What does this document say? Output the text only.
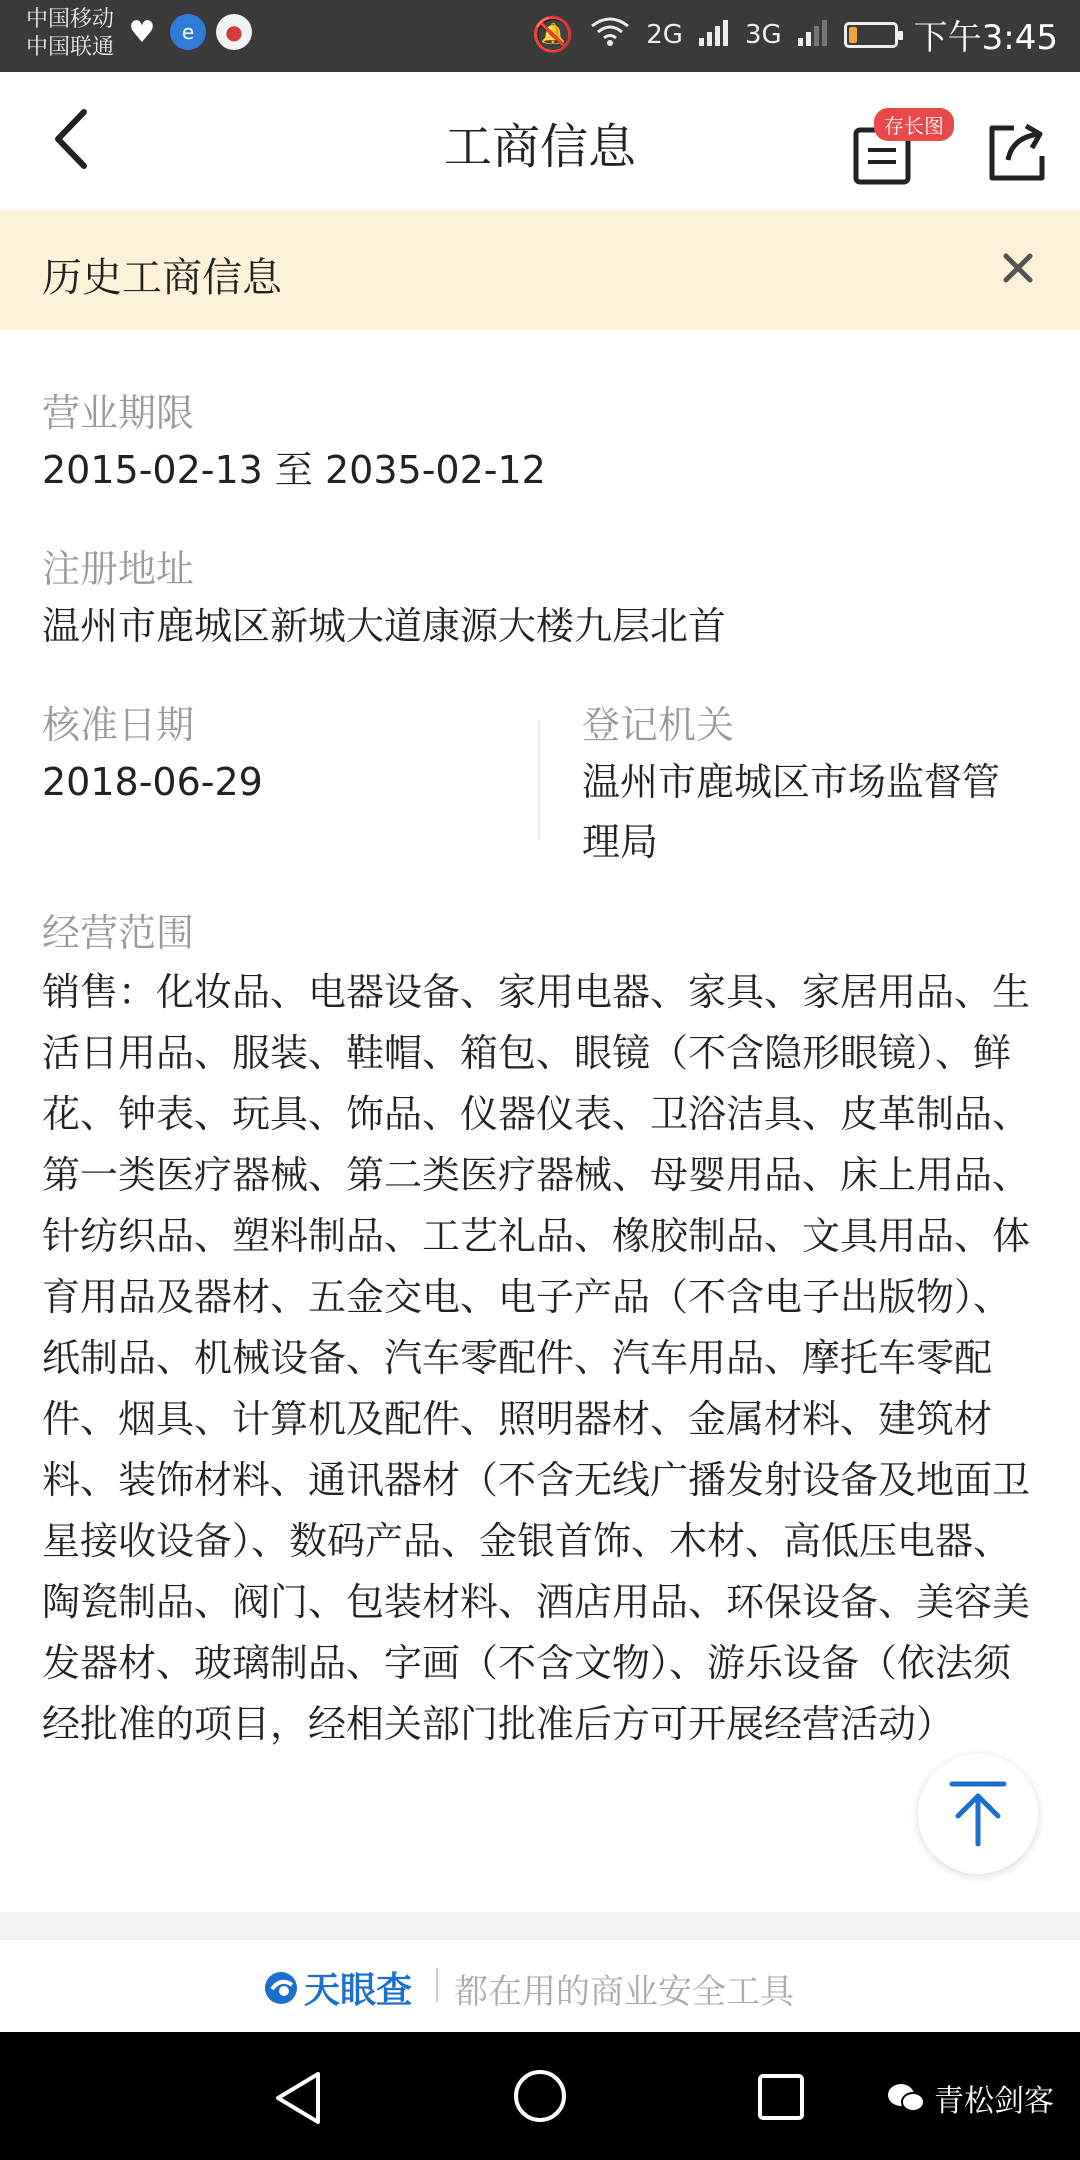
中国移动
中国联通 ♥	e	●	🔕	2G 3G	下午3:45
工商信息	存长图
历史工商信息
营业期限
2015-02-13 至 2035-02-12
注册地址
温州市鹿城区新城大道康源大楼九层北首
核准日期
2018-06-29
登记机关
温州市鹿城区市场监督管理局
经营范围
销售：化妆品、电器设备、家用电器、家具、家居用品、生活日用品、服装、鞋帽、箱包、眼镜（不含隐形眼镜）、鲜花、钟表、玩具、饰品、仪器仪表、卫浴洁具、皮革制品、第一类医疗器械、第二类医疗器械、母婴用品、床上用品、针纺织品、塑料制品、工艺礼品、橡胶制品、文具用品、体育用品及器材、五金交电、电子产品（不含电子出版物）、纸制品、机械设备、汽车零配件、汽车用品、摩托车零配件、烟具、计算机及配件、照明器材、金属材料、建筑材料、装饰材料、通讯器材（不含无线广播发射设备及地面卫星接收设备）、数码产品、金银首饰、木材、高低压电器、陶瓷制品、阀门、包装材料、酒店用品、环保设备、美容美发器材、玻璃制品、字画（不含文物）、游乐设备（依法须经批准的项目，经相关部门批准后方可开展经营活动）
天眼查 都在用的商业安全工具
青松剑客
